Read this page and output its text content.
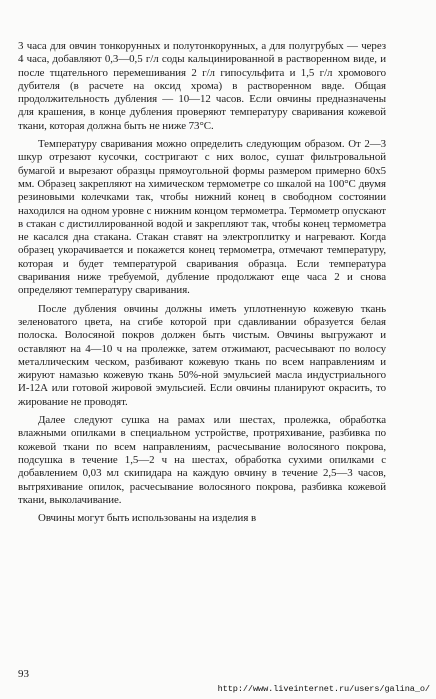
3 часа для овчин тонкорунных и полутонкорунных, а для полугрубых — через 4 часа, добавляют 0,3—0,5 г/л соды кальцинированной в растворенном виде, и после тщательного перемешивания 2 г/л гипосульфита и 1,5 г/л хромового дубителя (в расчете на оксид хрома) в растворенном ввде. Общая продолжительность дубления — 10—12 часов. Если овчины предназначены для крашения, в конце дубления проверяют температуру сваривания кожевой ткани, которая должна быть не ниже 73°С.

Температуру сваривания можно определить следующим образом. От 2—3 шкур отрезают кусочки, состригают с них волос, сушат фильтровальной бумагой и вырезают образцы прямоугольной формы размером примерно 60x5 мм. Образец закрепляют на химическом термометре со шкалой на 100°С двумя резиновыми колечками так, чтобы нижний конец в свободном состоянии находился на одном уровне с нижним концом термометра. Термометр опускают в стакан с дистиллированной водой и закрепляют так, чтобы конец термометра не касался дна стакана. Стакан ставят на электроплитку и нагревают. Когда образец укорачивается и покажется конец термометра, отмечают температуру, которая и будет температурой сваривания образца. Если температура сваривания ниже требуемой, дубление продолжают еще часа 2 и снова определяют температуру сваривания.

После дубления овчины должны иметь уплотненную кожевую ткань зеленоватого цвета, на сгибе которой при сдавливании образуется белая полоска. Волосяной покров должен быть чистым. Овчины выгружают и оставляют на 4—10 ч на пролежке, затем отжимают, расчесывают по волосу металлическим ческом, разбивают кожевую ткань по всем направлениям и жируют намазью кожевую ткань 50%-ной эмульсией масла индустриального И-12А или готовой жировой эмульсией. Если овчины планируют окрасить, то жирование не проводят.

Далее следуют сушка на рамах или шестах, пролежка, обработка влажными опилками в специальном устройстве, протряхивание, разбивка по кожевой ткани по всем направлениям, расчесывание волосяного покрова, подсушка в течение 1,5—2 ч на шестах, обработка сухими опилками с добавлением 0,03 мл скипидара на каждую овчину в течение 2,5—3 часов, вытряхивание опилок, расчесывание волосяного покрова, разбивка кожевой ткани, выколачивание.

Овчины могут быть использованы на изделия в

93
http://www.liveinternet.ru/users/galina_o/
